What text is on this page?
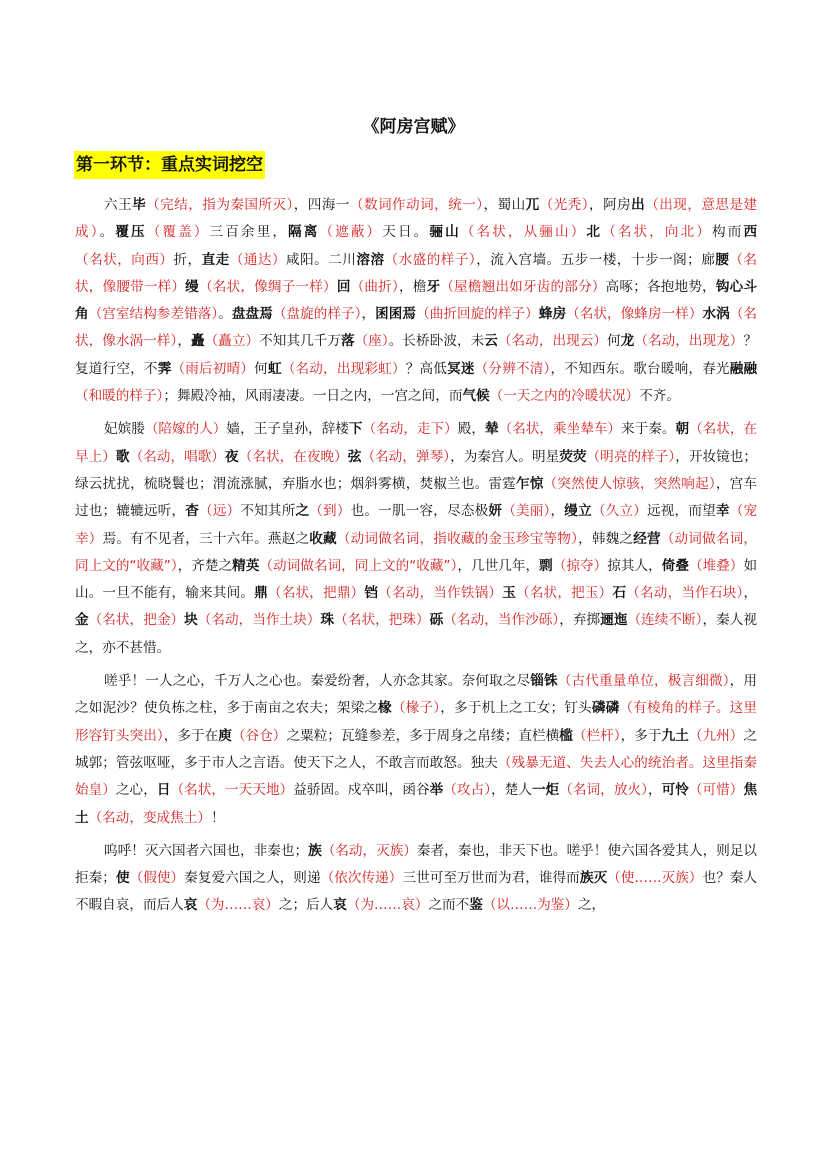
《阿房宫赋》
第一环节：重点实词挖空

六王毕（完结，指为秦国所灭），四海一（数词作动词，统一），蜀山兀（光秃），阿房出（出现，意思是建成）。覆压（覆盖）三百余里，隔离（遮蔽）天日。骊山（名状，从骊山）北（名状，向北）构而西（名状，向西）折，直走（通达）咸阳。二川溶溶（水盛的样子），流入宫墙。五步一楼，十步一阁；廊腰（名状，像腰带一样）缦（名状，像绸子一样）回（曲折），檐牙（屋檐翘出如牙齿的部分）高啄；各抱地势，钩心斗角（宫室结构参差错落）。盘盘焉（盘旋的样子），囷囷焉（曲折回旋的样子）蜂房（名状，像蜂房一样）水涡（名状，像水涡一样），矗（矗立）不知其几千万落（座）。长桥卧波，未云（名动，出现云）何龙（名动，出现龙）？复道行空，不霁（雨后初晴）何虹（名动，出现彩虹）？高低冥迷（分辨不清），不知西东。歌台暖响，春光融融（和暖的样子）；舞殿冷袖，风雨凄凄。一日之内，一宫之间，而气候（一天之内的冷暖状况）不齐。

妃嫔媵（陪嫁的人）嫱，王子皇孙，辞楼下（名动，走下）殿，辇（名状，乘坐辇车）来于秦。朝（名状，在早上）歌（名动，唱歌）夜（名状，在夜晚）弦（名动，弹琴），为秦宫人。明星荧荧（明亮的样子），开妆镜也；绿云扰扰，梳晓鬟也；渭流涨腻，弃脂水也；烟斜雾横，焚椒兰也。雷霆乍惊（突然使人惊骇，突然响起），宫车过也；辘辘远听，杳（远）不知其所之（到）也。一肌一容，尽态极妍（美丽），缦立（久立）远视，而望幸（宠幸）焉。有不见者，三十六年。燕赵之收藏（动词做名词，指收藏的金玉珍宝等物），韩魏之经营（动词做名词，同上文的“收藏”），齐楚之精英（动词做名词，同上文的“收藏”），几世几年，剽（掠夺）掠其人，倚叠（堆叠）如山。一旦不能有，输来其间。鼎（名状，把鼎）铛（名动，当作铁锅）玉（名状，把玉）石（名动，当作石块），金（名状，把金）块（名动，当作土块）珠（名状，把珠）砾（名动，当作沙砾），弃掷逦迤（连续不断），秦人视之，亦不甚惜。

嗟乎！一人之心，千万人之心也。秦爱纷奢，人亦念其家。奈何取之尽锱铢（古代重量单位，极言细微），用之如泥沙？使负栋之柱，多于南亩之农夫；架梁之椽（椽子），多于机上之工女；钉头磷磷（有棱角的样子。这里形容钉头突出），多于在庾（谷仓）之粟粒；瓦缝参差，多于周身之帛缕；直栏横槛（栏杆），多于九土（九州）之城郭；管弦呕哑，多于市人之言语。使天下之人，不敢言而敢怒。独夫（残暴无道、失去人心的统治者。这里指秦始皇）之心，日（名状，一天天地）益骄固。戍卒叫，函谷举（攻占），楚人一炬（名词，放火），可怜（可惜）焦土（名动，变成焦土）！

呜呼！灭六国者六国也，非秦也；族（名动，灭族）秦者，秦也，非天下也。嗟乎！使六国各爱其人，则足以拒秦；使（假使）秦复爱六国之人，则递（依次传递）三世可至万世而为君，谁得而族灭（使……灭族）也？秦人不暇自哀，而后人哀（为……哀）之；后人哀（为……哀）之而不鉴（以……为鉴）之，
